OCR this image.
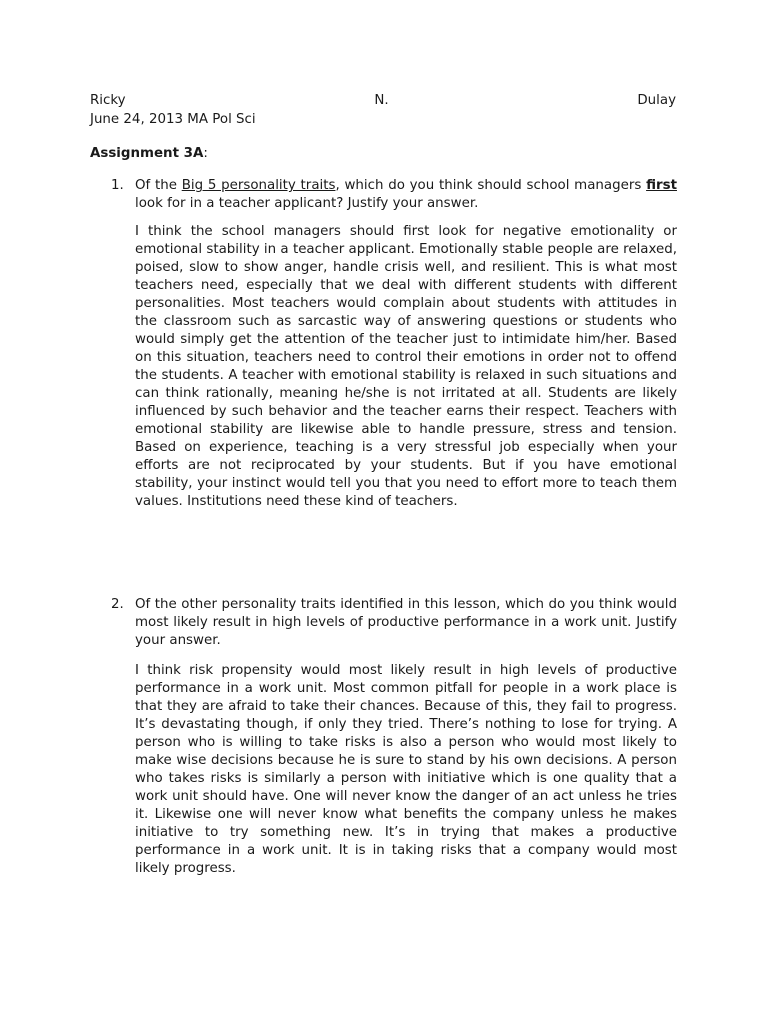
Ricky	N.	Dulay
June 24, 2013 MA Pol Sci
Assignment 3A:
1. Of the Big 5 personality traits, which do you think should school managers first look for in a teacher applicant? Justify your answer.
I think the school managers should first look for negative emotionality or emotional stability in a teacher applicant. Emotionally stable people are relaxed, poised, slow to show anger, handle crisis well, and resilient. This is what most teachers need, especially that we deal with different students with different personalities. Most teachers would complain about students with attitudes in the classroom such as sarcastic way of answering questions or students who would simply get the attention of the teacher just to intimidate him/her. Based on this situation, teachers need to control their emotions in order not to offend the students. A teacher with emotional stability is relaxed in such situations and can think rationally, meaning he/she is not irritated at all. Students are likely influenced by such behavior and the teacher earns their respect. Teachers with emotional stability are likewise able to handle pressure, stress and tension. Based on experience, teaching is a very stressful job especially when your efforts are not reciprocated by your students. But if you have emotional stability, your instinct would tell you that you need to effort more to teach them values. Institutions need these kind of teachers.
2. Of the other personality traits identified in this lesson, which do you think would most likely result in high levels of productive performance in a work unit. Justify your answer.
I think risk propensity would most likely result in high levels of productive performance in a work unit. Most common pitfall for people in a work place is that they are afraid to take their chances. Because of this, they fail to progress. It’s devastating though, if only they tried. There’s nothing to lose for trying. A person who is willing to take risks is also a person who would most likely to make wise decisions because he is sure to stand by his own decisions. A person who takes risks is similarly a person with initiative which is one quality that a work unit should have. One will never know the danger of an act unless he tries it. Likewise one will never know what benefits the company unless he makes initiative to try something new. It’s in trying that makes a productive performance in a work unit. It is in taking risks that a company would most likely progress.
